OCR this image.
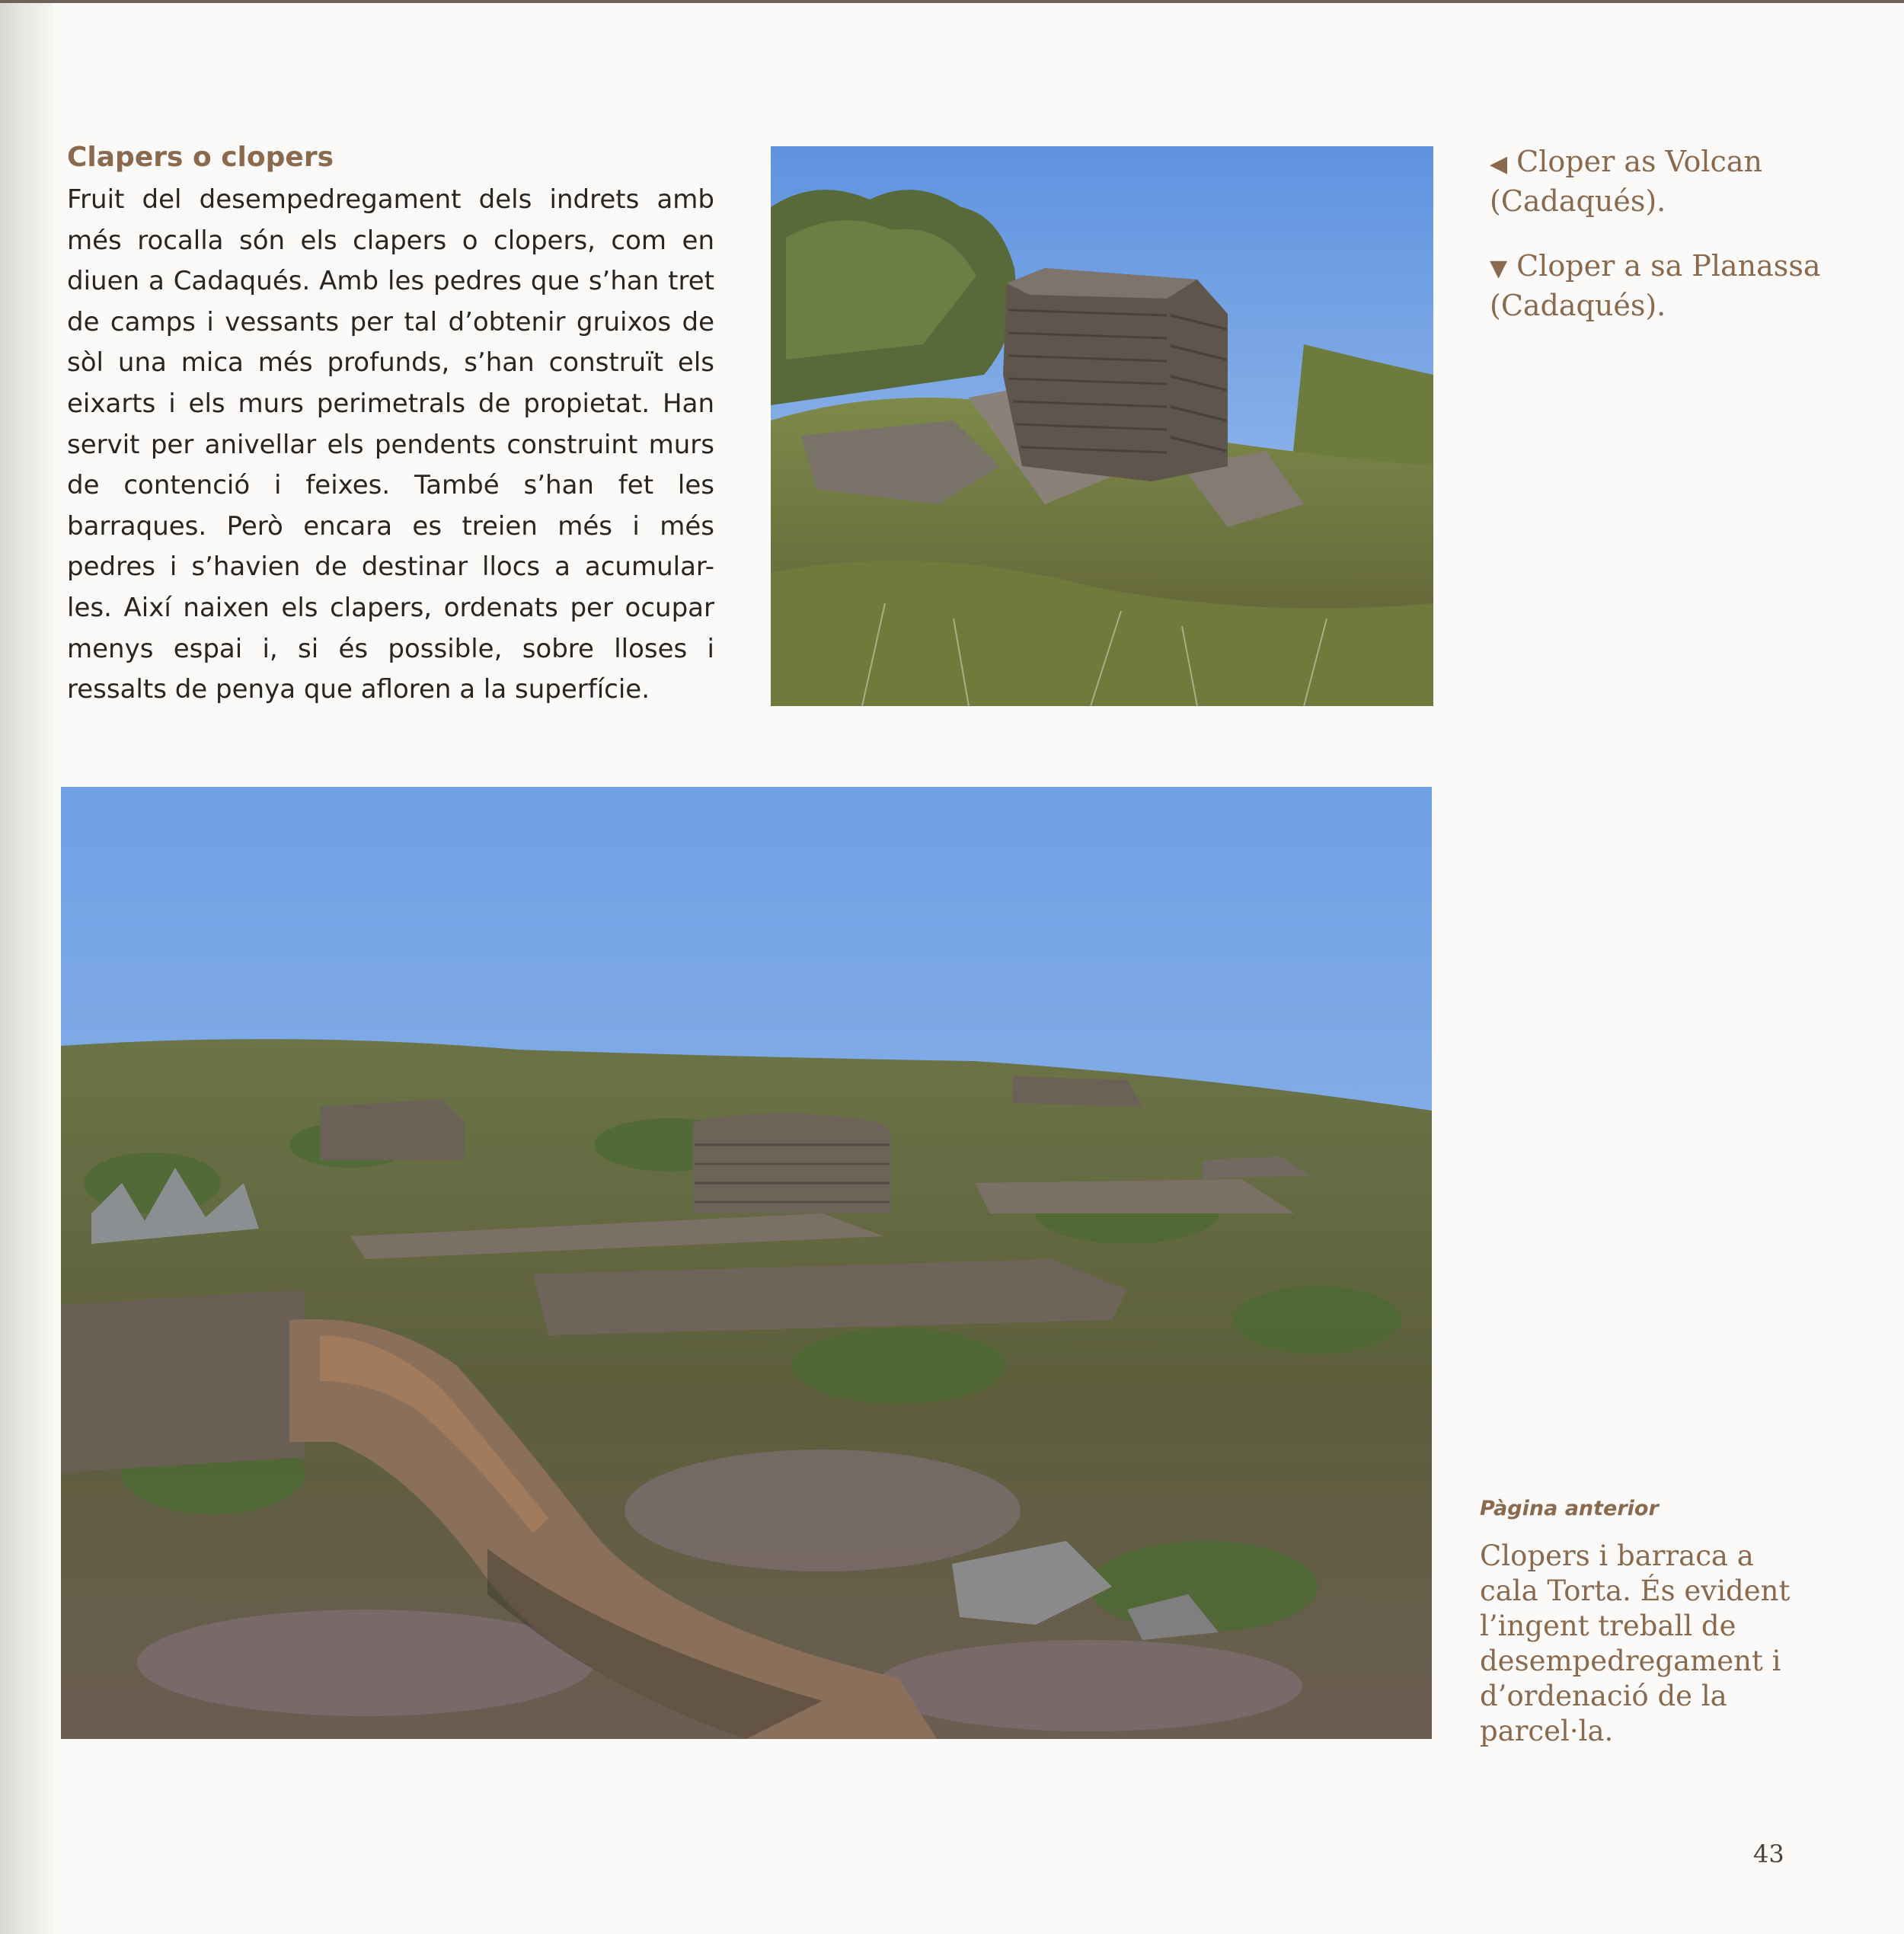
Clapers o clopers
Fruit del desempedregament dels indrets amb més rocalla són els clapers o clopers, com en diuen a Cadaqués. Amb les pedres que s’han tret de camps i vessants per tal d’obtenir gruixos de sòl una mica més profunds, s’han construït els eixarts i els murs perimetrals de propietat. Han servit per anivellar els pendents construint murs de contenció i feixes. També s’han fet les barraques. Però encara es treien més i més pedres i s’havien de destinar llocs a acumular-les. Així naixen els clapers, ordenats per ocupar menys espai i, si és possible, sobre lloses i ressalts de penya que afloren a la superfície.
◀ Cloper as Volcan (Cadaqués).
▼ Cloper a sa Planassa (Cadaqués).
Pàgina anterior
Clopers i barraca a cala Torta. És evident l’ingent treball de desempedregament i d’ordenació de la parcel·la.
43
